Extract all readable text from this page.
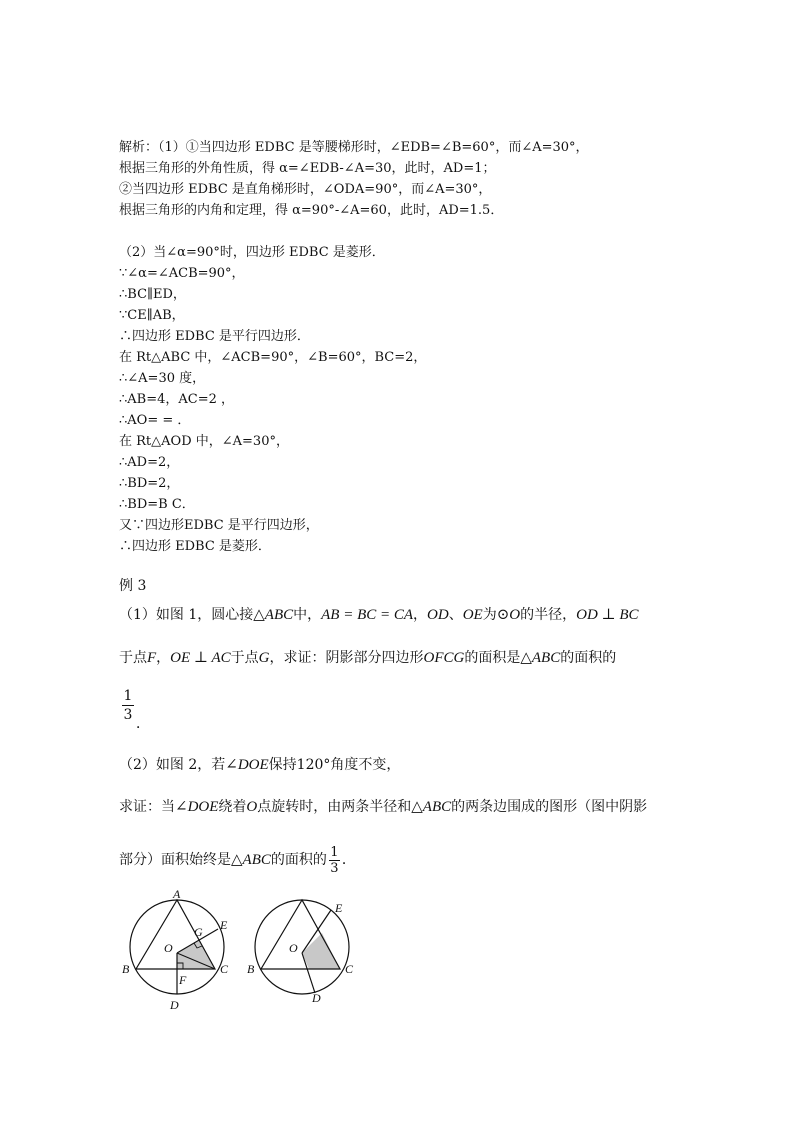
解析：（1）①当四边形 EDBC 是等腰梯形时，∠EDB=∠B=60°，而∠A=30°，
根据三角形的外角性质，得 α=∠EDB-∠A=30，此时，AD=1；
②当四边形 EDBC 是直角梯形时，∠ODA=90°，而∠A=30°，
根据三角形的内角和定理，得 α=90°-∠A=60，此时，AD=1.5．
（2）当∠α=90°时，四边形 EDBC 是菱形．
∵∠α=∠ACB=90°，
∴BC∥ED，
∵CE∥AB，
∴四边形 EDBC 是平行四边形．
在 Rt△ABC 中，∠ACB=90°，∠B=60°，BC=2，
∴∠A=30 度，
∴AB=4，AC=2 ，
∴AO= = ．
在 Rt△AOD 中，∠A=30°，
∴AD=2，
∴BD=2，
∴BD=B C．
又∵四边形EDBC 是平行四边形，
∴四边形 EDBC 是菱形．
例 3
（1）如图 1，圆心接△ABC中，AB = BC = CA，OD、OE为⊙O的半径，OD ⊥ BC
于点F，OE ⊥ AC于点G，求证：阴影部分四边形OFCG的面积是△ABC的面积的
1
3
．
（2）如图 2，若∠DOE保持120°角度不变，
求证：当∠DOE绕着O点旋转时，由两条半径和△ABC的两条边围成的图形（图中阴影
部分）面积始终是△ABC的面积的 $\frac{1}{3}$ ．
A
B	C
D
E
F
G
O
B	C
D
E
O
